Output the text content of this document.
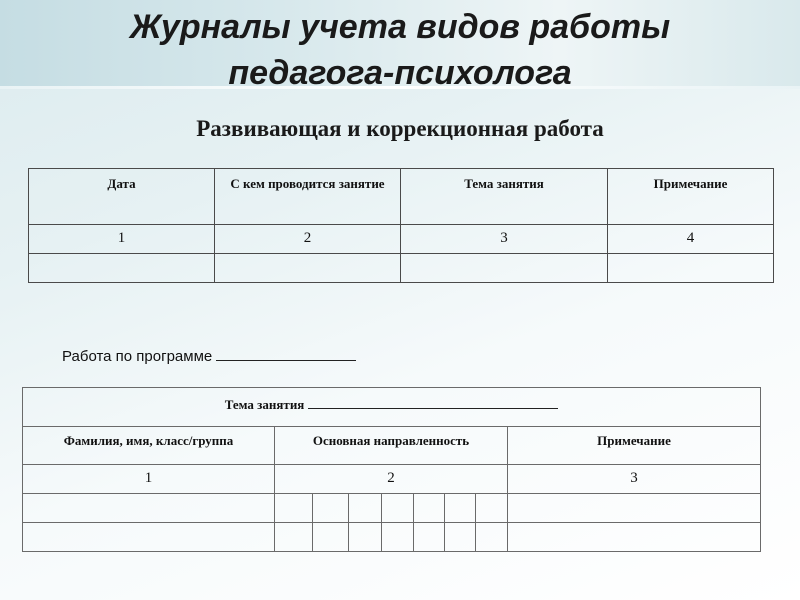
Журналы учета видов работы
педагога-психолога
Развивающая и коррекционная работа
Дата	С кем проводится занятие	Тема занятия	Примечание
1	2	3	4

Работа по программе
Тема занятия								
Фамилия, имя, класс/группа	Основная направленность							Примечание
1	2							3
